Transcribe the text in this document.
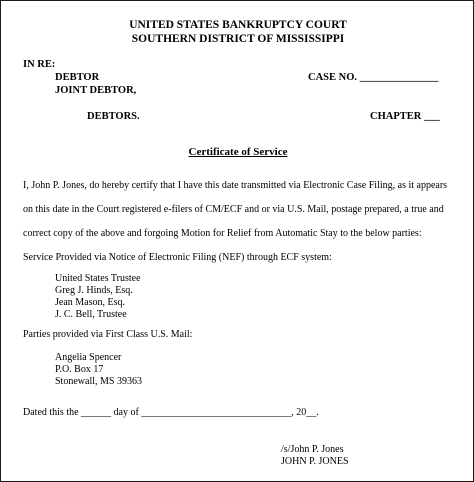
UNITED STATES BANKRUPTCY COURT
SOUTHERN DISTRICT OF MISSISSIPPI
IN RE:
DEBTOR
JOINT DEBTOR,
DEBTORS.
CASE NO. _______________
CHAPTER ___
Certificate of Service
I, John P. Jones, do hereby certify that I have this date transmitted via Electronic Case Filing, as it appears
on this date in the Court registered e-filers of CM/ECF and or via U.S. Mail, postage prepared, a true and
correct copy of the above and forgoing Motion for Relief from Automatic Stay to the below parties:
Service Provided via Notice of Electronic Filing (NEF) through ECF system:
United States Trustee
Greg J. Hinds, Esq.
Jean Mason, Esq.
J. C. Bell, Trustee
Parties provided via First Class U.S. Mail:
Angelia Spencer
P.O. Box 17
Stonewall, MS 39363
Dated this the ______ day of ______________________________, 20__.
/s/John P. Jones
JOHN P. JONES
